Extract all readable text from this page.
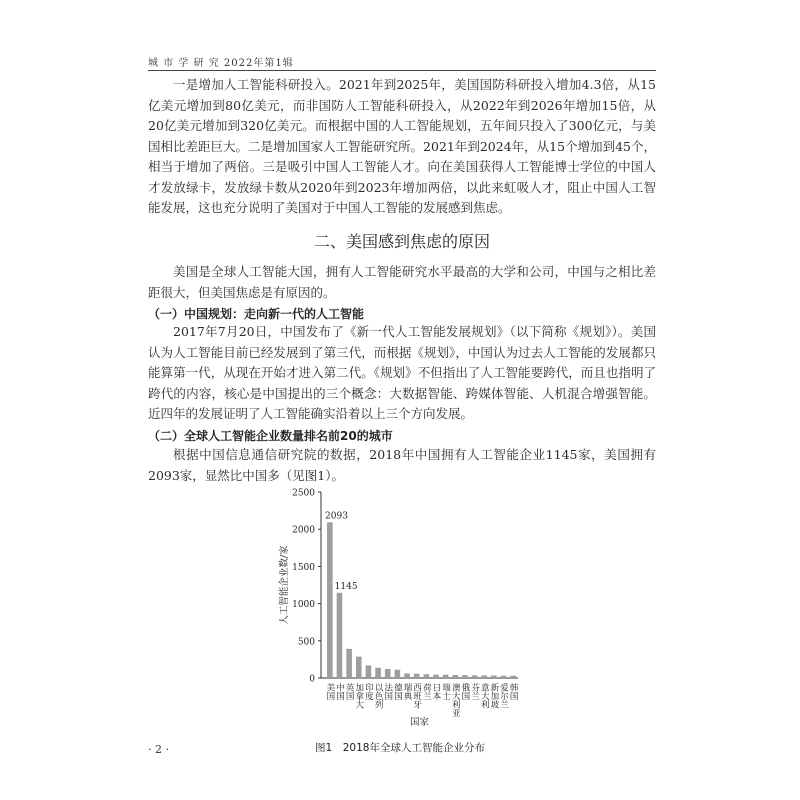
城 市 学 研 究 2022年第1辑
一是增加人工智能科研投入。2021年到2025年，美国国防科研投入增加4.3倍，从15亿美元增加到80亿美元，而非国防人工智能科研投入，从2022年到2026年增加15倍，从20亿美元增加到320亿美元。而根据中国的人工智能规划，五年间只投入了300亿元，与美国相比差距巨大。二是增加国家人工智能研究所。2021年到2024年，从15个增加到45个，相当于增加了两倍。三是吸引中国人工智能人才。向在美国获得人工智能博士学位的中国人才发放绿卡，发放绿卡数从2020年到2023年增加两倍，以此来虹吸人才，阻止中国人工智能发展，这也充分说明了美国对于中国人工智能的发展感到焦虑。
二、美国感到焦虑的原因
美国是全球人工智能大国，拥有人工智能研究水平最高的大学和公司，中国与之相比差距很大，但美国焦虑是有原因的。
（一）中国规划：走向新一代的人工智能
2017年7月20日，中国发布了《新一代人工智能发展规划》（以下简称《规划》）。美国认为人工智能目前已经发展到了第三代，而根据《规划》，中国认为过去人工智能的发展都只能算第一代，从现在开始才进入第二代。《规划》不但指出了人工智能要跨代，而且也指明了跨代的内容，核心是中国提出的三个概念：大数据智能、跨媒体智能、人机混合增强智能。近四年的发展证明了人工智能确实沿着以上三个方向发展。
（二）全球人工智能企业数量排名前20的城市
根据中国信息通信研究院的数据，2018年中国拥有人工智能企业1145家，美国拥有2093家，显然比中国多（见图1）。
0
500
1000
1500
2000
2500
人工智能企业数/家
2093
美国
1145
中国 英国 加拿大 印度 以色列 法国 德国 瑞典 西班牙 荷兰 日本 瑞士 澳大利亚 俄国 芬兰 意大利 新加坡 爱尔兰 韩国
国家
图1　2018年全球人工智能企业分布
· 2 ·
